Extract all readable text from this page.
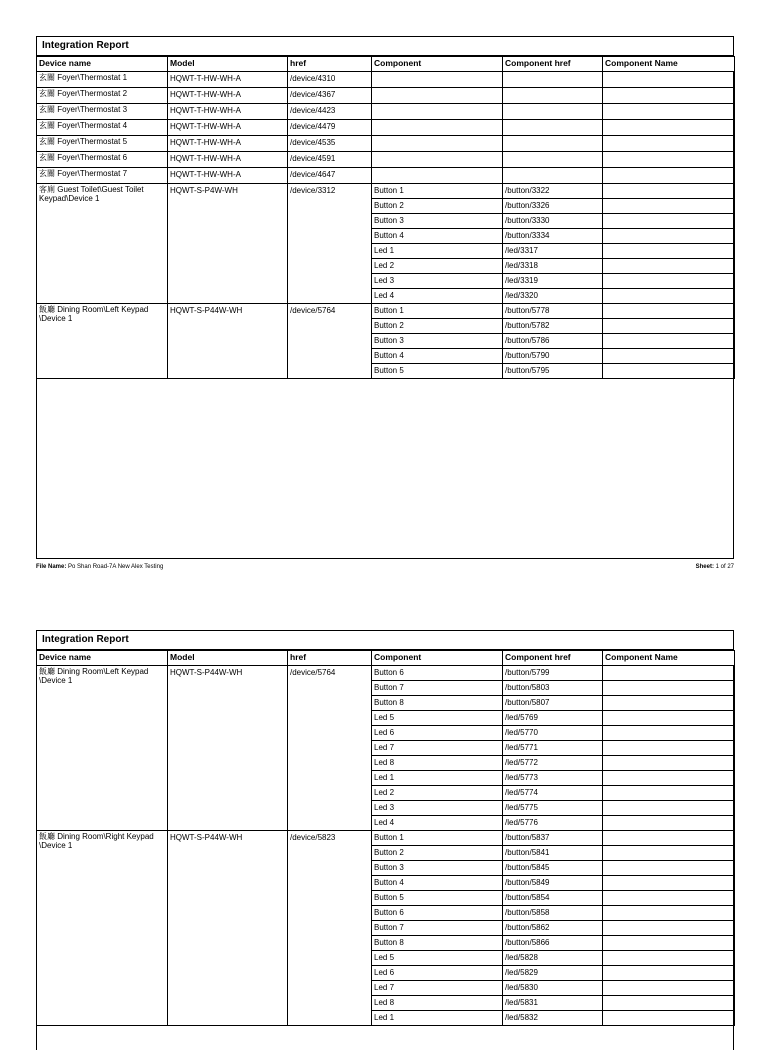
Integration Report
Device name	Model	href	Component	Component href	Component Name
玄關 Foyer\Thermostat 1	HQWT-T-HW-WH-A	/device/4310			
玄關 Foyer\Thermostat 2	HQWT-T-HW-WH-A	/device/4367			
玄關 Foyer\Thermostat 3	HQWT-T-HW-WH-A	/device/4423			
玄關 Foyer\Thermostat 4	HQWT-T-HW-WH-A	/device/4479			
玄關 Foyer\Thermostat 5	HQWT-T-HW-WH-A	/device/4535			
玄關 Foyer\Thermostat 6	HQWT-T-HW-WH-A	/device/4591			
玄關 Foyer\Thermostat 7	HQWT-T-HW-WH-A	/device/4647			
客廁 Guest Toilet\Guest Toilet Keypad\Device 1	HQWT-S-P4W-WH	/device/3312	Button 1	/button/3322	
			Button 2	/button/3326	
			Button 3	/button/3330	
			Button 4	/button/3334	
			Led 1	/led/3317	
			Led 2	/led/3318	
			Led 3	/led/3319	
			Led 4	/led/3320	
飯廳 Dining Room\Left Keypad \Device 1	HQWT-S-P44W-WH	/device/5764	Button 1	/button/5778	
			Button 2	/button/5782	
			Button 3	/button/5786	
			Button 4	/button/5790	
			Button 5	/button/5795	
File Name: Po Shan Road-7A New Alex Testing	Sheet: 1 of 27
Integration Report
Device name	Model	href	Component	Component href	Component Name
飯廳 Dining Room\Left Keypad \Device 1	HQWT-S-P44W-WH	/device/5764	Button 6	/button/5799	
			Button 7	/button/5803	
			Button 8	/button/5807	
			Led 5	/led/5769	
			Led 6	/led/5770	
			Led 7	/led/5771	
			Led 8	/led/5772	
			Led 1	/led/5773	
			Led 2	/led/5774	
			Led 3	/led/5775	
			Led 4	/led/5776	
飯廳 Dining Room\Right Keypad \Device 1	HQWT-S-P44W-WH	/device/5823	Button 1	/button/5837	
			Button 2	/button/5841	
			Button 3	/button/5845	
			Button 4	/button/5849	
			Button 5	/button/5854	
			Button 6	/button/5858	
			Button 7	/button/5862	
			Button 8	/button/5866	
			Led 5	/led/5828	
			Led 6	/led/5829	
			Led 7	/led/5830	
			Led 8	/led/5831	
			Led 1	/led/5832	
